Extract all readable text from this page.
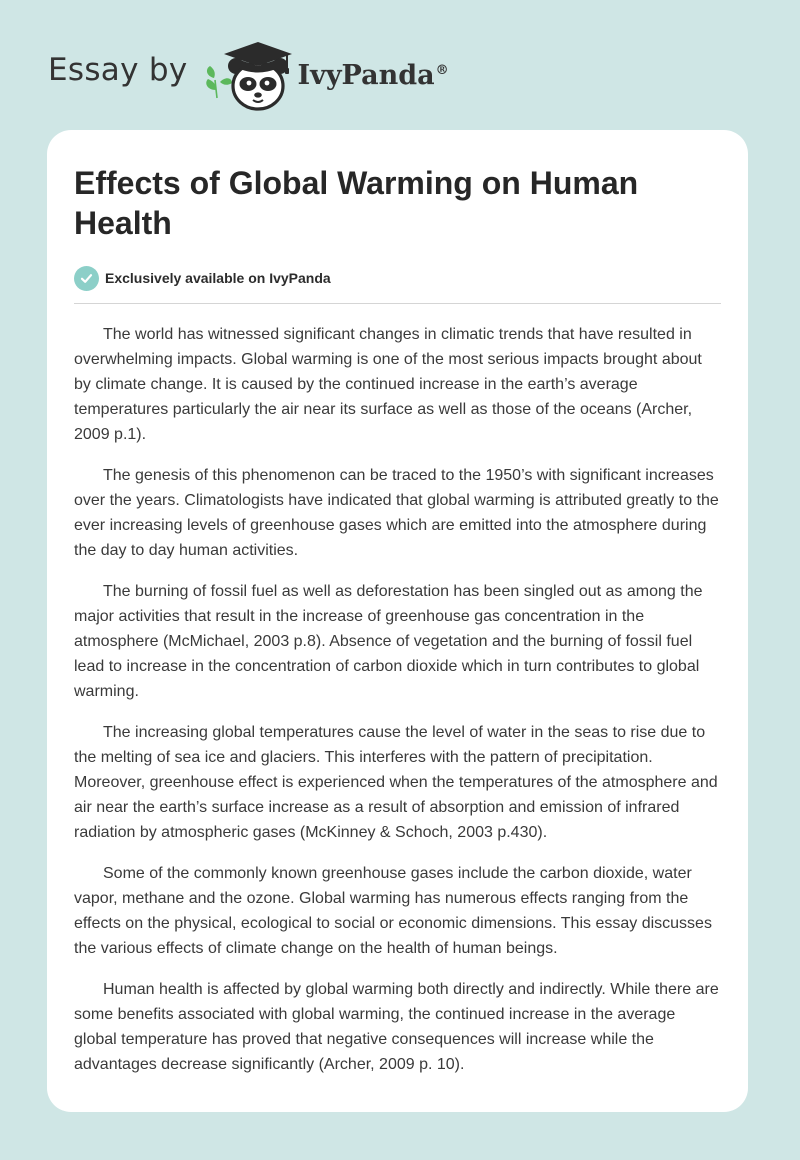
Essay by	IvyPanda®
Effects of Global Warming on Human Health
Exclusively available on IvyPanda

The world has witnessed significant changes in climatic trends that have resulted in overwhelming impacts. Global warming is one of the most serious impacts brought about by climate change. It is caused by the continued increase in the earth’s average temperatures particularly the air near its surface as well as those of the oceans (Archer, 2009 p.1).

The genesis of this phenomenon can be traced to the 1950’s with significant increases over the years. Climatologists have indicated that global warming is attributed greatly to the ever increasing levels of greenhouse gases which are emitted into the atmosphere during the day to day human activities.

The burning of fossil fuel as well as deforestation has been singled out as among the major activities that result in the increase of greenhouse gas concentration in the atmosphere (McMichael, 2003 p.8). Absence of vegetation and the burning of fossil fuel lead to increase in the concentration of carbon dioxide which in turn contributes to global warming.

The increasing global temperatures cause the level of water in the seas to rise due to the melting of sea ice and glaciers. This interferes with the pattern of precipitation. Moreover, greenhouse effect is experienced when the temperatures of the atmosphere and air near the earth’s surface increase as a result of absorption and emission of infrared radiation by atmospheric gases (McKinney & Schoch, 2003 p.430).

Some of the commonly known greenhouse gases include the carbon dioxide, water vapor, methane and the ozone. Global warming has numerous effects ranging from the effects on the physical, ecological to social or economic dimensions. This essay discusses the various effects of climate change on the health of human beings.

Human health is affected by global warming both directly and indirectly. While there are some benefits associated with global warming, the continued increase in the average global temperature has proved that negative consequences will increase while the advantages decrease significantly (Archer, 2009 p. 10).
